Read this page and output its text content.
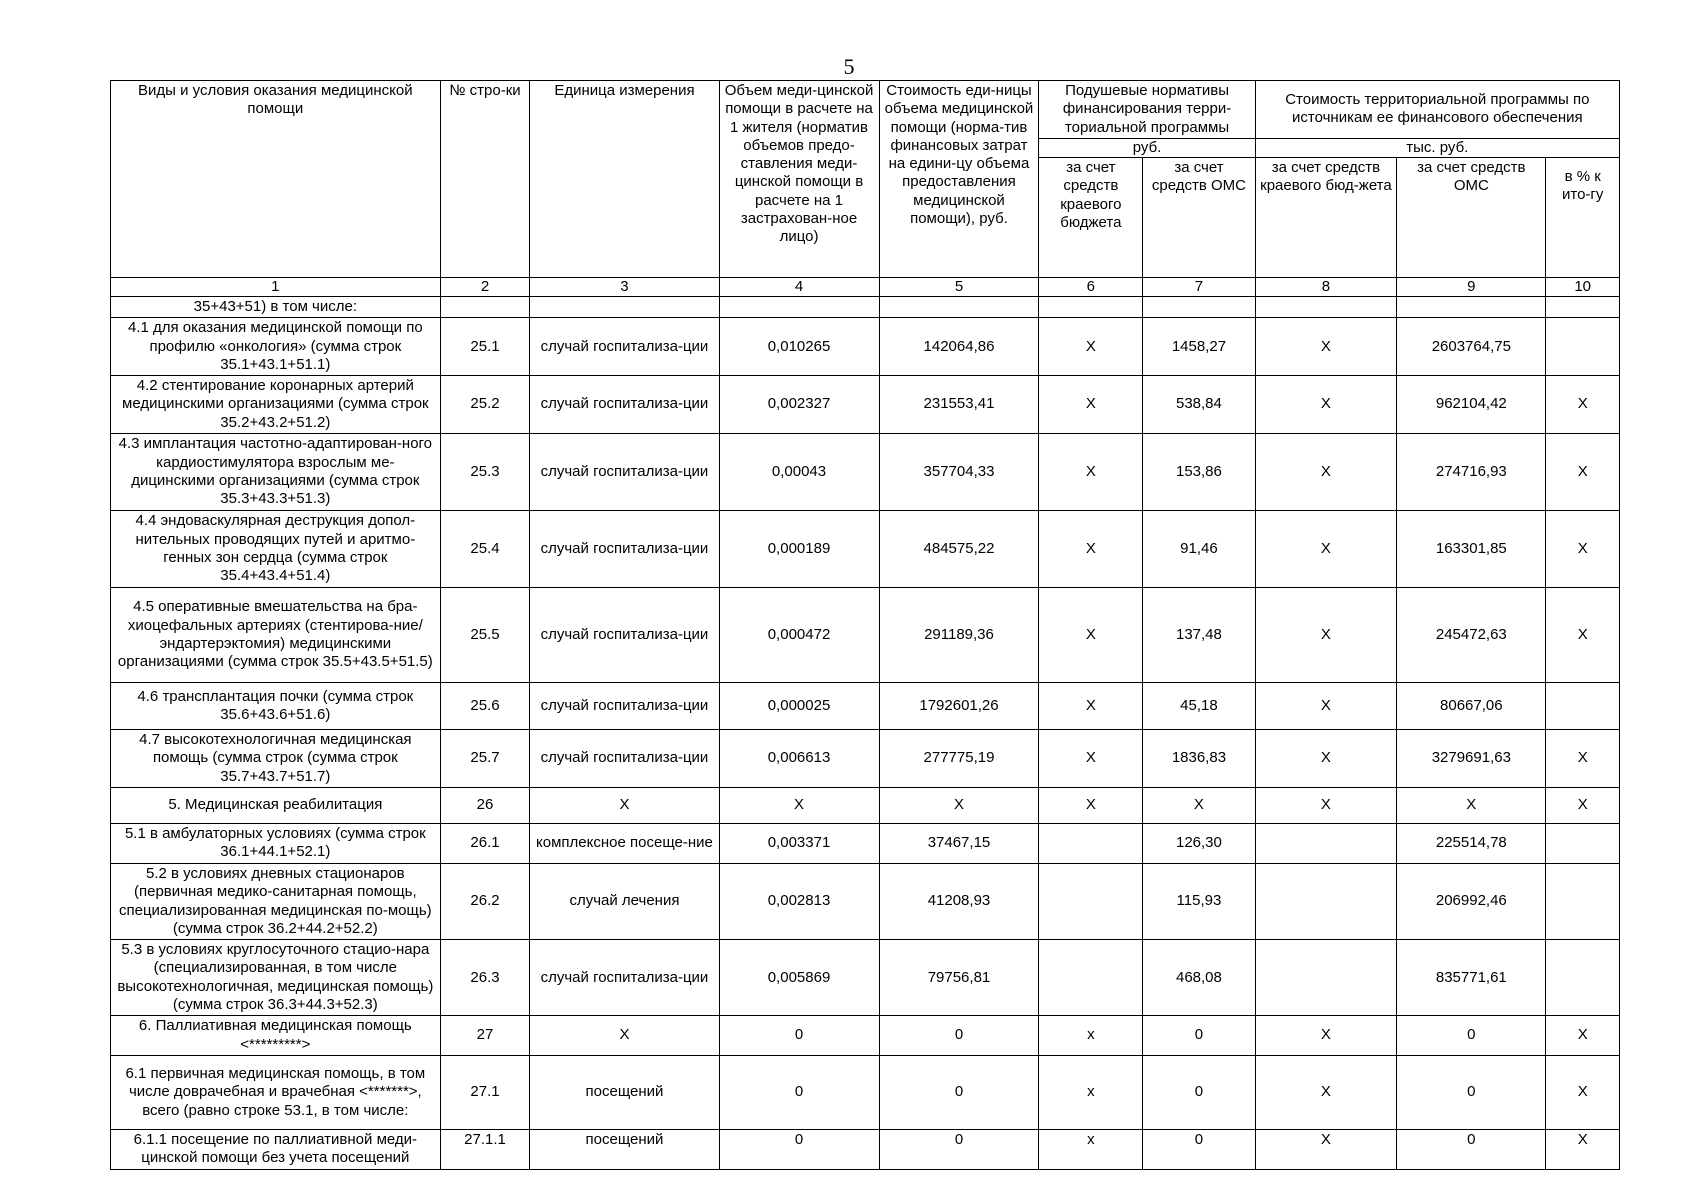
5
Виды и условия оказания медицинской помощи	№ стро-ки	Единица измерения	Объем меди-цинской помощи в расчете на 1 жителя (норматив объемов предо-ставления меди-цинской помощи в расчете на 1 застрахован-ное лицо)	Стоимость еди-ницы объема медицинской помощи (норма-тив финансовых затрат на едини-цу объема предоставления медицинской помощи), руб.	Подушевые нормативы финансирования терри-ториальной программы		Стоимость территориальной программы по источникам ее финансового обеспечения		
					руб.		тыс. руб.		
					за счет средств краевого бюджета	за счет средств ОМС	за счет средств краевого бюд-жета	за счет средств ОМС	в % к ито-гу
1	2	3	4	5	6	7	8	9	10
35+43+51) в том числе:									
4.1 для оказания медицинской помощи по профилю «онкология» (сумма строк 35.1+43.1+51.1)	25.1	случай госпитализа-ции	0,010265	142064,86	Х	1458,27	Х	2603764,75	
4.2 стентирование коронарных артерий медицинскими организациями (сумма строк 35.2+43.2+51.2)	25.2	случай госпитализа-ции	0,002327	231553,41	Х	538,84	Х	962104,42	Х
4.3 имплантация частотно-адаптирован-ного кардиостимулятора взрослым ме-дицинскими организациями (сумма строк 35.3+43.3+51.3)	25.3	случай госпитализа-ции	0,00043	357704,33	Х	153,86	Х	274716,93	Х
4.4 эндоваскулярная деструкция допол-нительных проводящих путей и аритмо-генных зон сердца (сумма строк 35.4+43.4+51.4)	25.4	случай госпитализа-ции	0,000189	484575,22	Х	91,46	Х	163301,85	Х
4.5 оперативные вмешательства на бра-хиоцефальных артериях (стентирова-ние/эндартерэктомия) медицинскими организациями (сумма строк 35.5+43.5+51.5)	25.5	случай госпитализа-ции	0,000472	291189,36	Х	137,48	Х	245472,63	Х
4.6 трансплантация почки (сумма строк 35.6+43.6+51.6)	25.6	случай госпитализа-ции	0,000025	1792601,26	Х	45,18	Х	80667,06	
4.7 высокотехнологичная медицинская помощь (сумма строк (сумма строк 35.7+43.7+51.7)	25.7	случай госпитализа-ции	0,006613	277775,19	Х	1836,83	Х	3279691,63	Х
5. Медицинская реабилитация	26	Х	Х	Х	Х	Х	Х	Х	Х
5.1 в амбулаторных условиях (сумма строк 36.1+44.1+52.1)	26.1	комплексное посеще-ние	0,003371	37467,15		126,30		225514,78	
5.2 в условиях дневных стационаров (первичная медико-санитарная помощь, специализированная медицинская по-мощь) (сумма строк 36.2+44.2+52.2)	26.2	случай лечения	0,002813	41208,93		115,93		206992,46	
5.3 в условиях круглосуточного стацио-нара (специализированная, в том числе высокотехнологичная, медицинская помощь) (сумма строк 36.3+44.3+52.3)	26.3	случай госпитализа-ции	0,005869	79756,81		468,08		835771,61	
6. Паллиативная медицинская помощь <*********>	27	Х	0	0	х	0	Х	0	Х
6.1 первичная медицинская помощь, в том числе доврачебная и врачебная <*******>, всего (равно строке 53.1, в том числе:	27.1	посещений	0	0	х	0	Х	0	Х
6.1.1 посещение по паллиативной меди-цинской помощи без учета посещений	27.1.1	посещений	0	0	х	0	Х	0	Х
